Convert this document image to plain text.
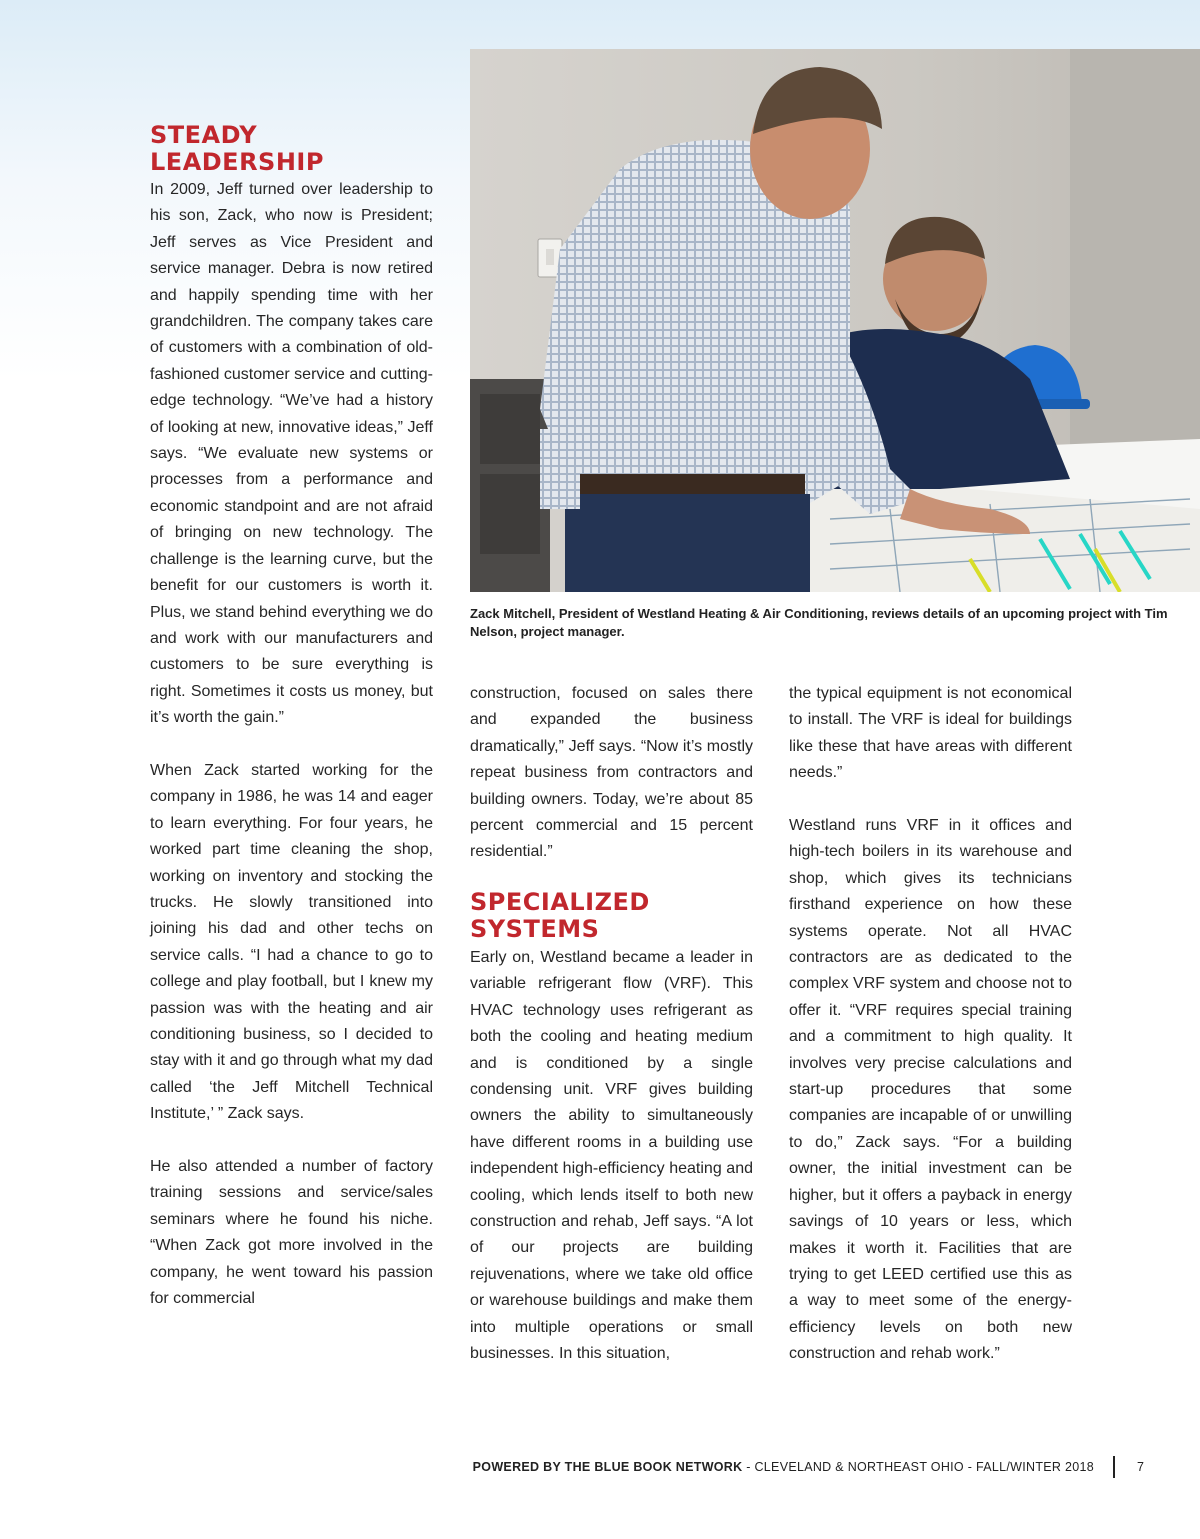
STEADY
LEADERSHIP

In 2009, Jeff turned over leadership to his son, Zack, who now is President; Jeff serves as Vice President and service manager. Debra is now retired and happily spending time with her grandchildren. The company takes care of customers with a combination of old-fashioned customer service and cutting-edge technology. “We’ve had a history of looking at new, innovative ideas,” Jeff says. “We evaluate new systems or processes from a performance and economic standpoint and are not afraid of bringing on new technology. The challenge is the learning curve, but the benefit for our customers is worth it. Plus, we stand behind everything we do and work with our manufacturers and customers to be sure everything is right. Sometimes it costs us money, but it’s worth the gain.”

When Zack started working for the company in 1986, he was 14 and eager to learn everything. For four years, he worked part time cleaning the shop, working on inventory and stocking the trucks. He slowly transitioned into joining his dad and other techs on service calls. “I had a chance to go to college and play football, but I knew my passion was with the heating and air conditioning business, so I decided to stay with it and go through what my dad called ‘the Jeff Mitchell Technical Institute,’ ” Zack says.

He also attended a number of factory training sessions and service/sales seminars where he found his niche. “When Zack got more involved in the company, he went toward his passion for commercial

Zack Mitchell, President of Westland Heating & Air Conditioning, reviews details of an upcoming project with Tim Nelson, project manager.

construction, focused on sales there and expanded the business dramatically,” Jeff says. “Now it’s mostly repeat business from contractors and building owners. Today, we’re about 85 percent commercial and 15 percent residential.”

SPECIALIZED
SYSTEMS

Early on, Westland became a leader in variable refrigerant flow (VRF). This HVAC technology uses refrigerant as both the cooling and heating medium and is conditioned by a single condensing unit. VRF gives building owners the ability to simultaneously have different rooms in a building use independent high-efficiency heating and cooling, which lends itself to both new construction and rehab, Jeff says. “A lot of our projects are building rejuvenations, where we take old office or warehouse buildings and make them into multiple operations or small businesses. In this situation,

the typical equipment is not economical to install. The VRF is ideal for buildings like these that have areas with different needs.”

Westland runs VRF in it offices and high-tech boilers in its warehouse and shop, which gives its technicians firsthand experience on how these systems operate. Not all HVAC contractors are as dedicated to the complex VRF system and choose not to offer it. “VRF requires special training and a commitment to high quality. It involves very precise calculations and start-up procedures that some companies are incapable of or unwilling to do,” Zack says. “For a building owner, the initial investment can be higher, but it offers a payback in energy savings of 10 years or less, which makes it worth it. Facilities that are trying to get LEED certified use this as a way to meet some of the energy-efficiency levels on both new construction and rehab work.”

POWERED BY THE BLUE BOOK NETWORK - CLEVELAND & NORTHEAST OHIO - FALL/WINTER 2018	7
